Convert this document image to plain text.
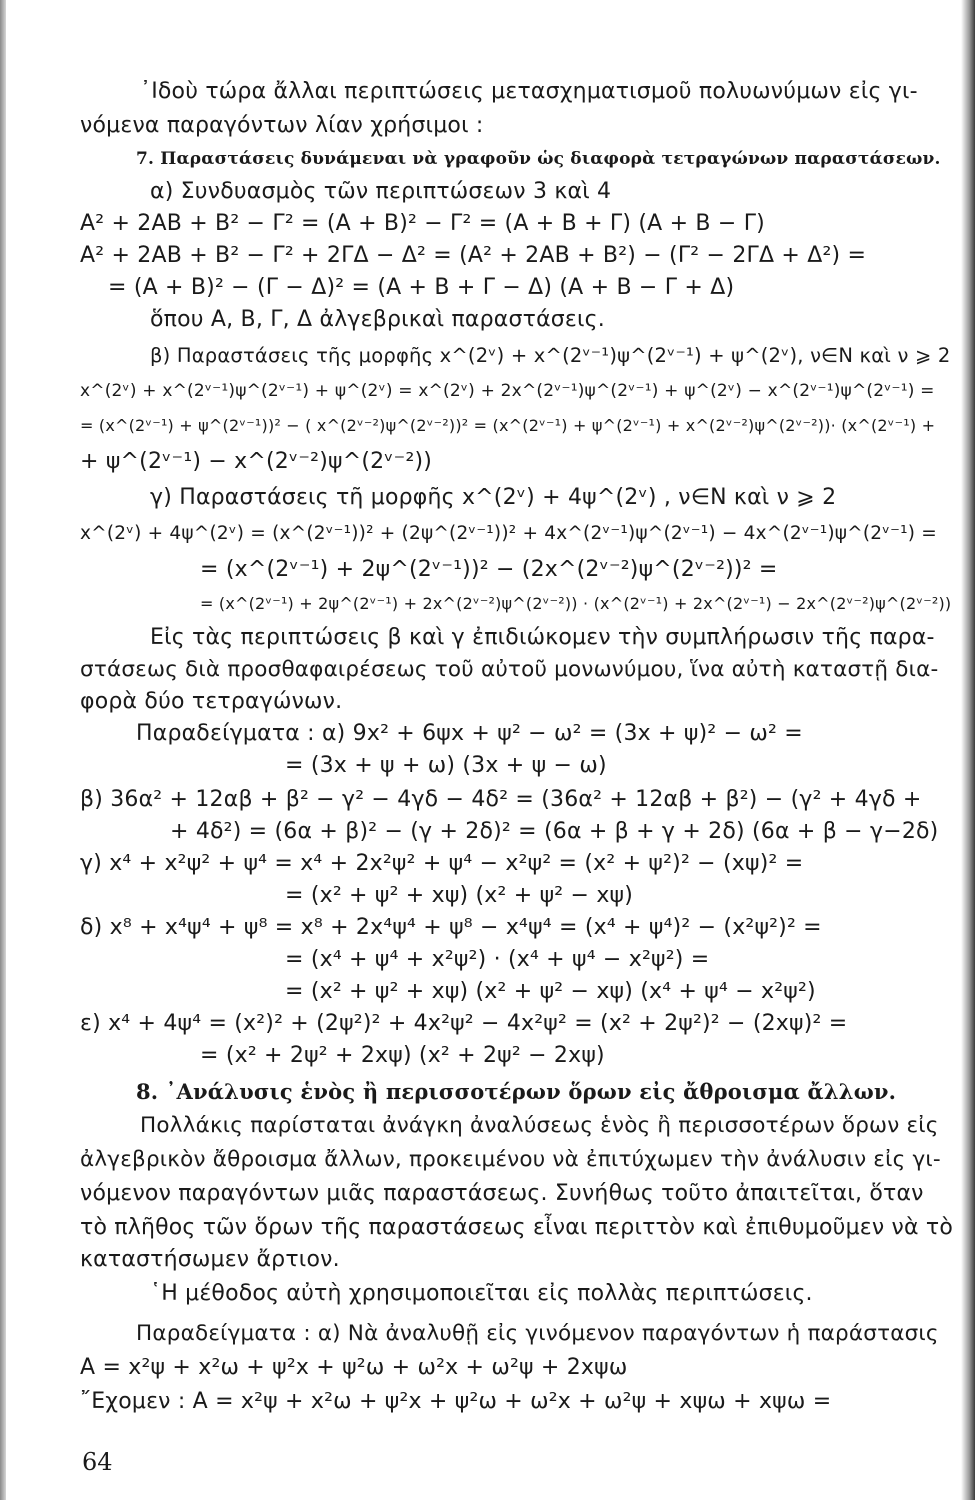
᾿Ιδοὺ τώρα ἄλλαι περιπτώσεις μετασχηματισμοῦ πολυωνύμων εἰς γι-
νόμενα παραγόντων λίαν χρήσιμοι :
7. Παραστάσεις δυνάμεναι νὰ γραφοῦν ὡς διαφορὰ τετραγώνων παραστάσεων.
α) Συνδυασμὸς τῶν περιπτώσεων 3 καὶ 4
A² + 2AB + B² − Γ² = (A + B)² − Γ² = (A + B + Γ) (A + B − Γ)
A² + 2AB + B² − Γ² + 2ΓΔ − Δ² = (A² + 2AB + B²) − (Γ² − 2ΓΔ + Δ²) =
= (A + B)² − (Γ − Δ)² = (A + B + Γ − Δ) (A + B − Γ + Δ)
ὅπου A, B, Γ, Δ ἀλγεβρικαὶ παραστάσεις.
β) Παραστάσεις τῆς μορφῆς x^(2ᵛ) + x^(2ᵛ⁻¹)ψ^(2ᵛ⁻¹) + ψ^(2ᵛ), ν∈N καὶ ν ⩾ 2
x^(2ᵛ) + x^(2ᵛ⁻¹)ψ^(2ᵛ⁻¹) + ψ^(2ᵛ) = x^(2ᵛ) + 2x^(2ᵛ⁻¹)ψ^(2ᵛ⁻¹) + ψ^(2ᵛ) − x^(2ᵛ⁻¹)ψ^(2ᵛ⁻¹) =
= (x^(2ᵛ⁻¹) + ψ^(2ᵛ⁻¹))² − ( x^(2ᵛ⁻²)ψ^(2ᵛ⁻²))² = (x^(2ᵛ⁻¹) + ψ^(2ᵛ⁻¹) + x^(2ᵛ⁻²)ψ^(2ᵛ⁻²))· (x^(2ᵛ⁻¹) +
+ ψ^(2ᵛ⁻¹) − x^(2ᵛ⁻²)ψ^(2ᵛ⁻²))
γ) Παραστάσεις τῆ μορφῆς x^(2ᵛ) + 4ψ^(2ᵛ) , ν∈N καὶ ν ⩾ 2
x^(2ᵛ) + 4ψ^(2ᵛ) = (x^(2ᵛ⁻¹))² + (2ψ^(2ᵛ⁻¹))² + 4x^(2ᵛ⁻¹)ψ^(2ᵛ⁻¹) − 4x^(2ᵛ⁻¹)ψ^(2ᵛ⁻¹) =
= (x^(2ᵛ⁻¹) + 2ψ^(2ᵛ⁻¹))² − (2x^(2ᵛ⁻²)ψ^(2ᵛ⁻²))² =
= (x^(2ᵛ⁻¹) + 2ψ^(2ᵛ⁻¹) + 2x^(2ᵛ⁻²)ψ^(2ᵛ⁻²)) · (x^(2ᵛ⁻¹) + 2x^(2ᵛ⁻¹) − 2x^(2ᵛ⁻²)ψ^(2ᵛ⁻²))
Εἰς τὰς περιπτώσεις β καὶ γ ἐπιδιώκομεν τὴν συμπλήρωσιν τῆς παρα-
στάσεως διὰ προσθαφαιρέσεως τοῦ αὐτοῦ μονωνύμου, ἵνα αὐτὴ καταστῇ δια-
φορὰ δύο τετραγώνων.
Παραδείγματα : α) 9x² + 6ψx + ψ² − ω² = (3x + ψ)² − ω² =
= (3x + ψ + ω) (3x + ψ − ω)
β) 36α² + 12αβ + β² − γ² − 4γδ − 4δ² = (36α² + 12αβ + β²) − (γ² + 4γδ +
+ 4δ²) = (6α + β)² − (γ + 2δ)² = (6α + β + γ + 2δ) (6α + β − γ−2δ)
γ) x⁴ + x²ψ² + ψ⁴ = x⁴ + 2x²ψ² + ψ⁴ − x²ψ² = (x² + ψ²)² − (xψ)² =
= (x² + ψ² + xψ) (x² + ψ² − xψ)
δ) x⁸ + x⁴ψ⁴ + ψ⁸ = x⁸ + 2x⁴ψ⁴ + ψ⁸ − x⁴ψ⁴ = (x⁴ + ψ⁴)² − (x²ψ²)² =
= (x⁴ + ψ⁴ + x²ψ²) · (x⁴ + ψ⁴ − x²ψ²) =
= (x² + ψ² + xψ) (x² + ψ² − xψ) (x⁴ + ψ⁴ − x²ψ²)
ε) x⁴ + 4ψ⁴ = (x²)² + (2ψ²)² + 4x²ψ² − 4x²ψ² = (x² + 2ψ²)² − (2xψ)² =
= (x² + 2ψ² + 2xψ) (x² + 2ψ² − 2xψ)
8. ᾿Ανάλυσις ἑνὸς ἢ περισσοτέρων ὅρων εἰς ἄθροισμα ἄλλων.
Πολλάκις παρίσταται ἀνάγκη ἀναλύσεως ἑνὸς ἢ περισσοτέρων ὅρων εἰς
ἀλγεβρικὸν ἄθροισμα ἄλλων, προκειμένου νὰ ἐπιτύχωμεν τὴν ἀνάλυσιν εἰς γι-
νόμενον παραγόντων μιᾶς παραστάσεως. Συνήθως τοῦτο ἀπαιτεῖται, ὅταν
τὸ πλῆθος τῶν ὅρων τῆς παραστάσεως εἶναι περιττὸν καὶ ἐπιθυμοῦμεν νὰ τὸ
καταστήσωμεν ἄρτιον.
῾Η μέθοδος αὐτὴ χρησιμοποιεῖται εἰς πολλὰς περιπτώσεις.
Παραδείγματα : α) Νὰ ἀναλυθῇ εἰς γινόμενον παραγόντων ἡ παράστασις
A = x²ψ + x²ω + ψ²x + ψ²ω + ω²x + ω²ψ + 2xψω
῎Εχομεν : A = x²ψ + x²ω + ψ²x + ψ²ω + ω²x + ω²ψ + xψω + xψω =
64
